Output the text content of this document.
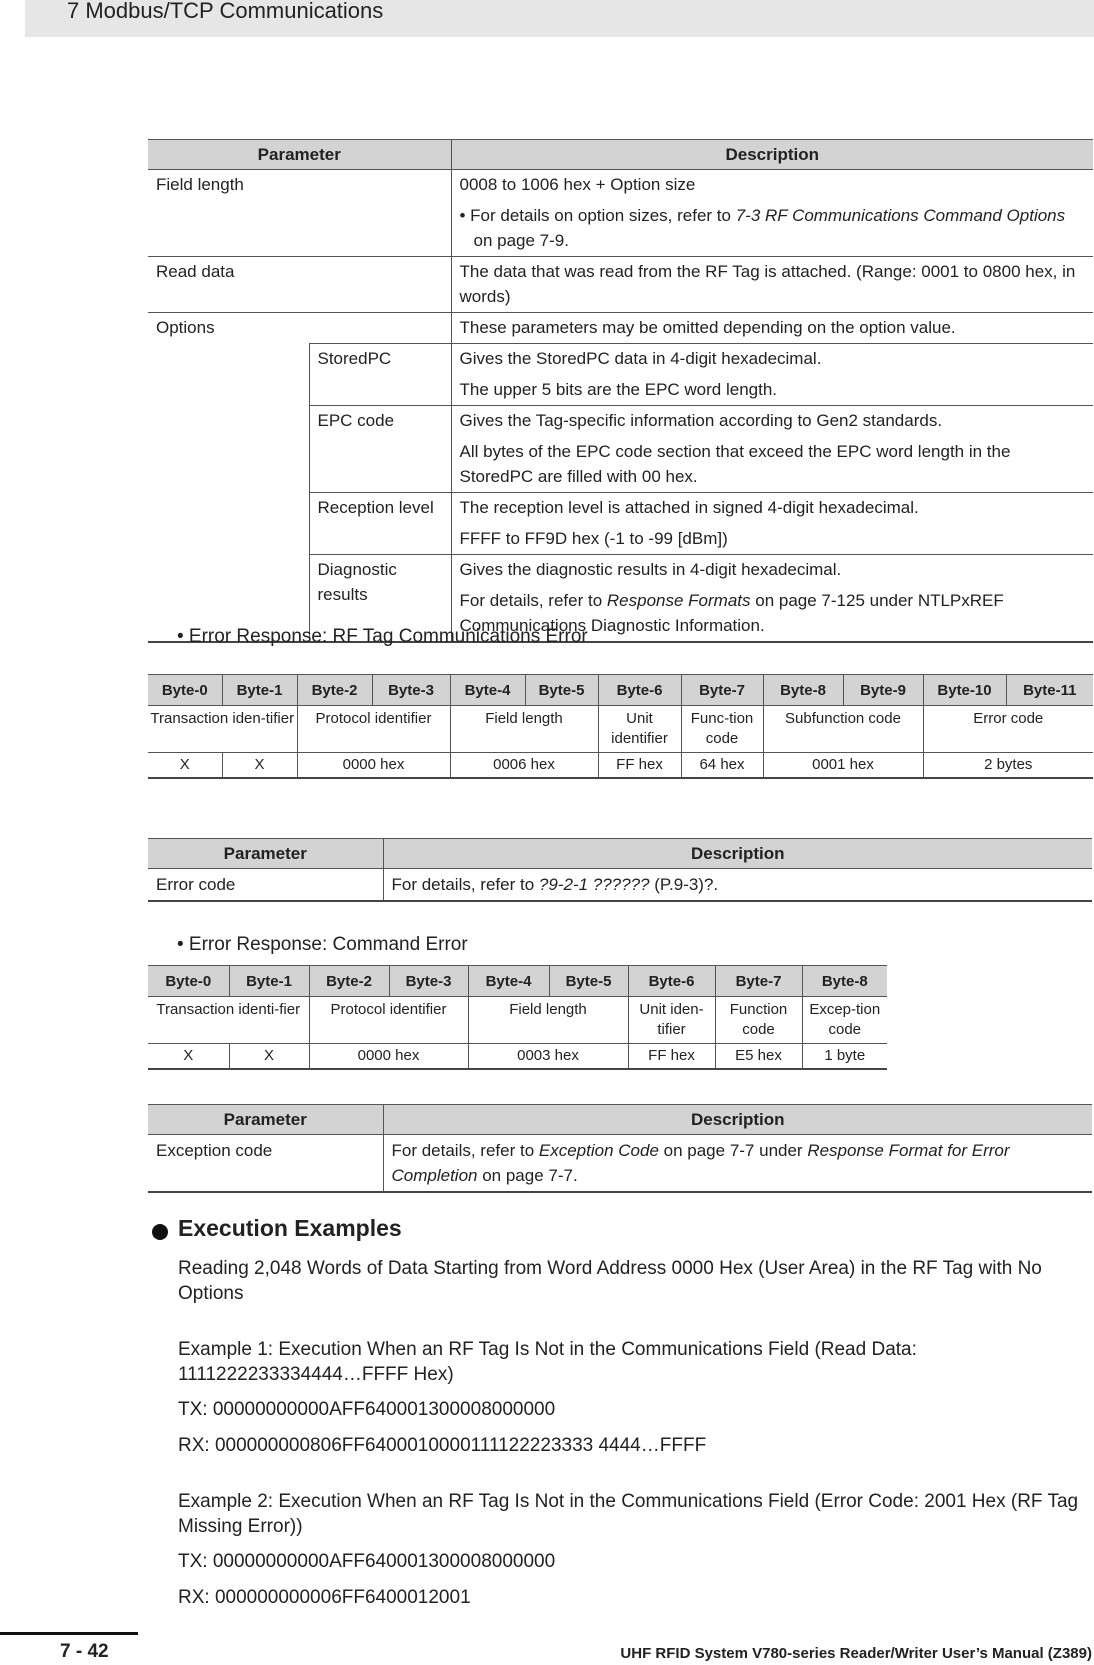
7 Modbus/TCP Communications
Parameter		Description
Field length		0008 to 1006 hex + Option size

• For details on option sizes, refer to 7-3 RF Communications Command Options on page 7-9.

Read data		The data that was read from the RF Tag is attached. (Range: 0001 to 0800 hex, in words)
Options		These parameters may be omitted depending on the option value.
	StoredPC	Gives the StoredPC data in 4-digit hexadecimal.

The upper 5 bits are the EPC word length.

	EPC code	Gives the Tag-specific information according to Gen2 standards.

All bytes of the EPC code section that exceed the EPC word length in the StoredPC are filled with 00 hex.

	Reception level	The reception level is attached in signed 4-digit hexadecimal.

FFFF to FF9D hex (-1 to -99 [dBm])

	Diagnostic results	Gives the diagnostic results in 4-digit hexadecimal.

For details, refer to Response Formats on page 7-125 under NTLPxREF Communications Diagnostic Information.

• Error Response: RF Tag Communications Error
Byte-0	Byte-1	Byte-2	Byte-3	Byte-4	Byte-5	Byte-6	Byte-7	Byte-8	Byte-9	Byte-10	Byte-11
Transaction iden-tifier		Protocol identifier		Field length		Unit identifier	Func-tion code	Subfunction code		Error code	
X	X	0000 hex		0006 hex		FF hex	64 hex	0001 hex		2 bytes	
Parameter	Description
Error code	For details, refer to ?9-2-1 ?????? (P.9-3)?.
• Error Response: Command Error
Byte-0	Byte-1	Byte-2	Byte-3	Byte-4	Byte-5	Byte-6	Byte-7	Byte-8
Transaction identi-fier		Protocol identifier		Field length		Unit iden-tifier	Function code	Excep-tion code
X	X	0000 hex		0003 hex		FF hex	E5 hex	1 byte
Parameter	Description
Exception code	For details, refer to Exception Code on page 7-7 under Response Format for Error Completion on page 7-7.
Execution Examples
Reading 2,048 Words of Data Starting from Word Address 0000 Hex (User Area) in the RF Tag with No Options
Example 1: Execution When an RF Tag Is Not in the Communications Field (Read Data: 1111222233334444…FFFF Hex)
TX: 00000000000AFF640001300008000000
RX: 000000000806FF6400010000111122223333 4444…FFFF
Example 2: Execution When an RF Tag Is Not in the Communications Field (Error Code: 2001 Hex (RF Tag Missing Error))
TX: 00000000000AFF640001300008000000
RX: 000000000006FF6400012001
7 - 42	UHF RFID System V780-series Reader/Writer User’s Manual (Z389)
